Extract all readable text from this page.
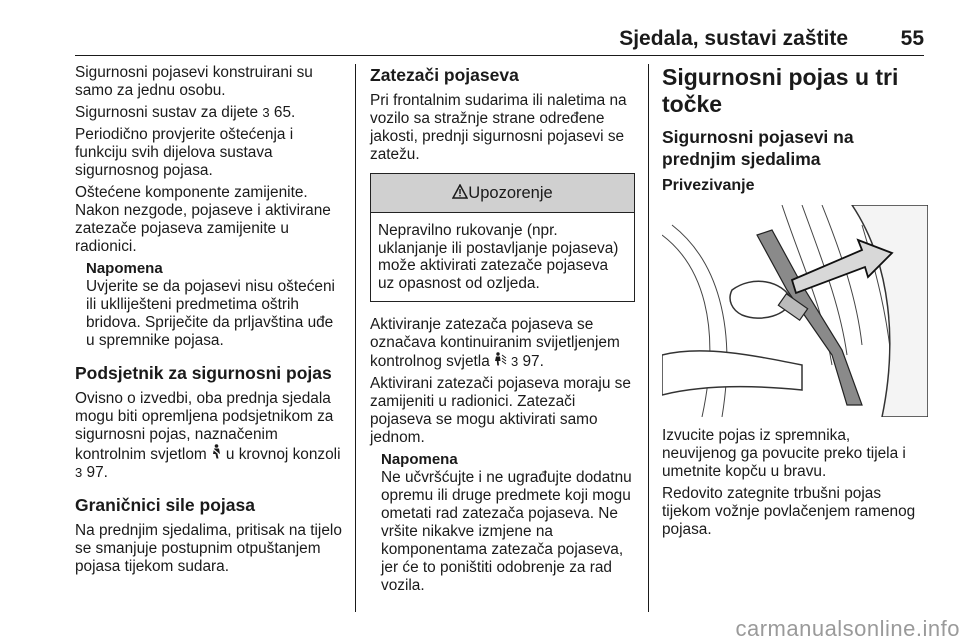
Sjedala, sustavi zaštite	55

Sigurnosni pojasevi konstruirani su samo za jednu osobu.

Sigurnosni sustav za dijete 3 65.

Periodično provjerite oštećenja i funkciju svih dijelova sustava sigurnosnog pojasa.

Oštećene komponente zamijenite. Nakon nezgode, pojaseve i aktivirane zatezače pojaseva zamijenite u radionici.

Napomena
Uvjerite se da pojasevi nisu oštećeni ili uklliješteni predmetima oštrih bridova. Spriječite da prljavština uđe u spremnike pojasa.
Podsjetnik za sigurnosni pojas

Ovisno o izvedbi, oba prednja sjedala mogu biti opremljena podsjetnikom za sigurnosni pojas, naznačenim kontrolnim svjetlom u krovnoj konzoli 3 97.

Graničnici sile pojasa

Na prednjim sjedalima, pritisak na tijelo se smanjuje postupnim otpuštanjem pojasa tijekom sudara.

Zatezači pojaseva

Pri frontalnim sudarima ili naletima na vozilo sa stražnje strane određene jakosti, prednji sigurnosni pojasevi se zatežu.

Upozorenje
Nepravilno rukovanje (npr. uklanjanje ili postavljanje pojaseva) može aktivirati zatezače pojaseva uz opasnost od ozljeda.

Aktiviranje zatezača pojaseva se označava kontinuiranim svijetljenjem kontrolnog svjetla 3 97.

Aktivirani zatezači pojaseva moraju se zamijeniti u radionici. Zatezači pojaseva se mogu aktivirati samo jednom.

Napomena
Ne učvršćujte i ne ugrađujte dodatnu opremu ili druge predmete koji mogu ometati rad zatezača pojaseva. Ne vršite nikakve izmjene na komponentama zatezača pojaseva, jer će to poništiti odobrenje za rad vozila.
Sigurnosni pojas u tri točke
Sigurnosni pojasevi na prednjim sjedalima
Privezivanje

Izvucite pojas iz spremnika, neuvijenog ga povucite preko tijela i umetnite kopču u bravu.

Redovito zategnite trbušni pojas tijekom vožnje povlačenjem ramenog pojasa.

carmanualsonline.info
